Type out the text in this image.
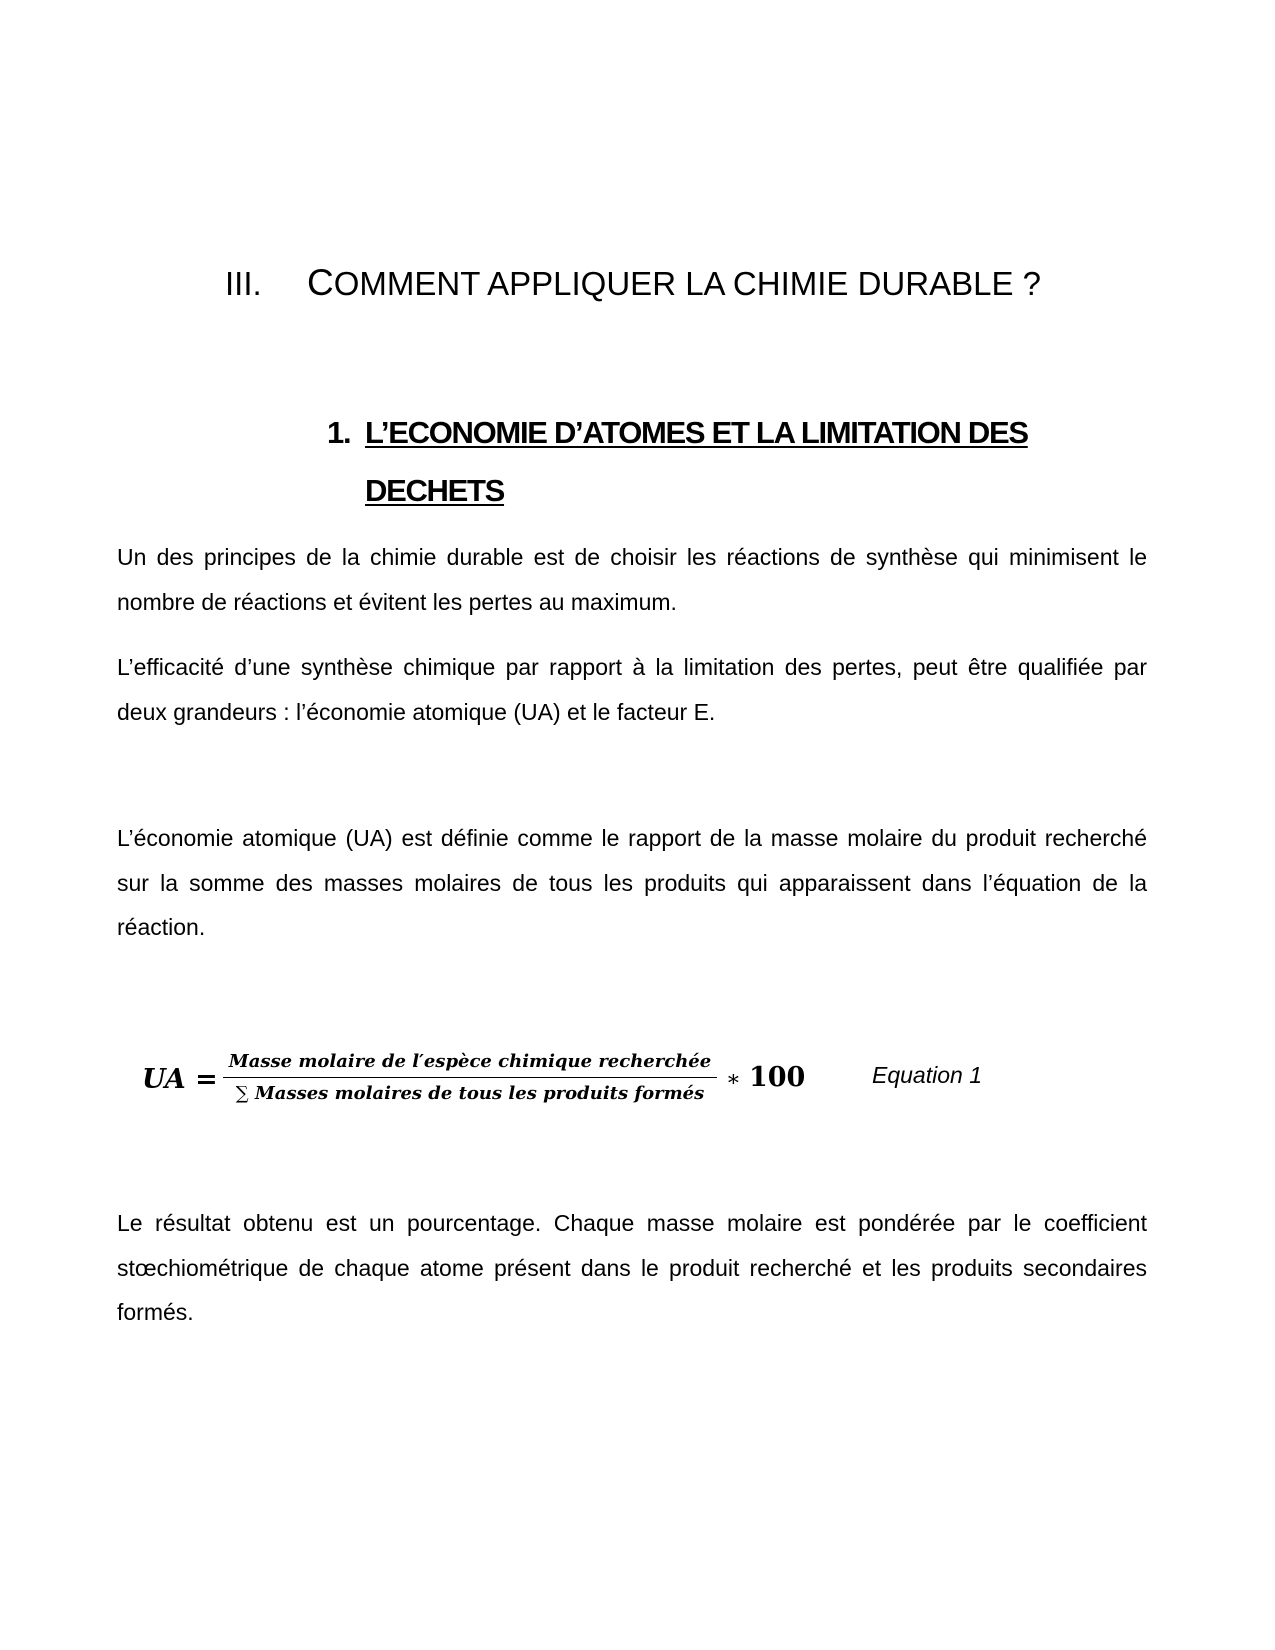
III. COMMENT APPLIQUER LA CHIMIE DURABLE ?
1. L’ECONOMIE D’ATOMES ET LA LIMITATION DES DECHETS

Un des principes de la chimie durable est de choisir les réactions de synthèse qui minimisent le nombre de réactions et évitent les pertes au maximum.

L’efficacité d’une synthèse chimique par rapport à la limitation des pertes, peut être qualifiée par deux grandeurs : l’économie atomique (UA) et le facteur E.

L’économie atomique (UA) est définie comme le rapport de la masse molaire du produit recherché sur la somme des masses molaires de tous les produits qui apparaissent dans l’équation de la réaction.

UA =
Masse molaire de l′espèce chimique recherchée
∑ Masses molaires de tous les produits formés
∗ 100	Equation 1

Le résultat obtenu est un pourcentage. Chaque masse molaire est pondérée par le coefficient stœchiométrique de chaque atome présent dans le produit recherché et les produits secondaires formés.
